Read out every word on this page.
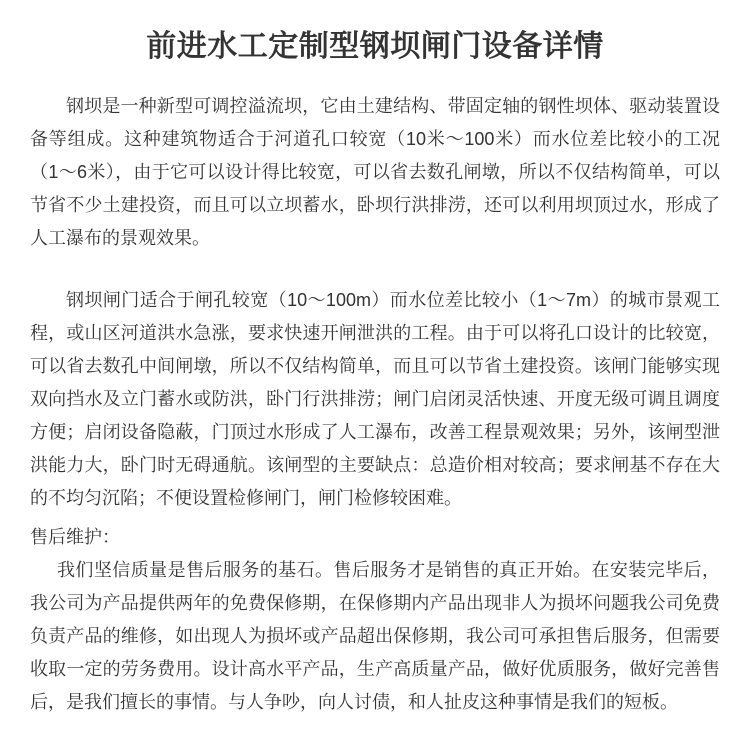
前进水工定制型钢坝闸门设备详情

钢坝是一种新型可调控溢流坝，它由土建结构、带固定轴的钢性坝体、驱动装置设备等组成。这种建筑物适合于河道孔口较宽（10米～100米）而水位差比较小的工况（1～6米），由于它可以设计得比较宽，可以省去数孔闸墩，所以不仅结构简单，可以节省不少土建投资，而且可以立坝蓄水，卧坝行洪排涝，还可以利用坝顶过水，形成了人工瀑布的景观效果。

钢坝闸门适合于闸孔较宽（10～100m）而水位差比较小（1～7m）的城市景观工程，或山区河道洪水急涨，要求快速开闸泄洪的工程。由于可以将孔口设计的比较宽，可以省去数孔中间闸墩，所以不仅结构简单，而且可以节省土建投资。该闸门能够实现双向挡水及立门蓄水或防洪，卧门行洪排涝；闸门启闭灵活快速、开度无级可调且调度方便；启闭设备隐蔽，门顶过水形成了人工瀑布，改善工程景观效果；另外，该闸型泄洪能力大，卧门时无碍通航。该闸型的主要缺点：总造价相对较高；要求闸基不存在大的不均匀沉陷；不便设置检修闸门，闸门检修较困难。

售后维护：

我们坚信质量是售后服务的基石。售后服务才是销售的真正开始。在安装完毕后，我公司为产品提供两年的免费保修期，在保修期内产品出现非人为损坏问题我公司免费负责产品的维修，如出现人为损坏或产品超出保修期，我公司可承担售后服务，但需要收取一定的劳务费用。设计高水平产品，生产高质量产品，做好优质服务，做好完善售后，是我们擅长的事情。与人争吵，向人讨债，和人扯皮这种事情是我们的短板。
